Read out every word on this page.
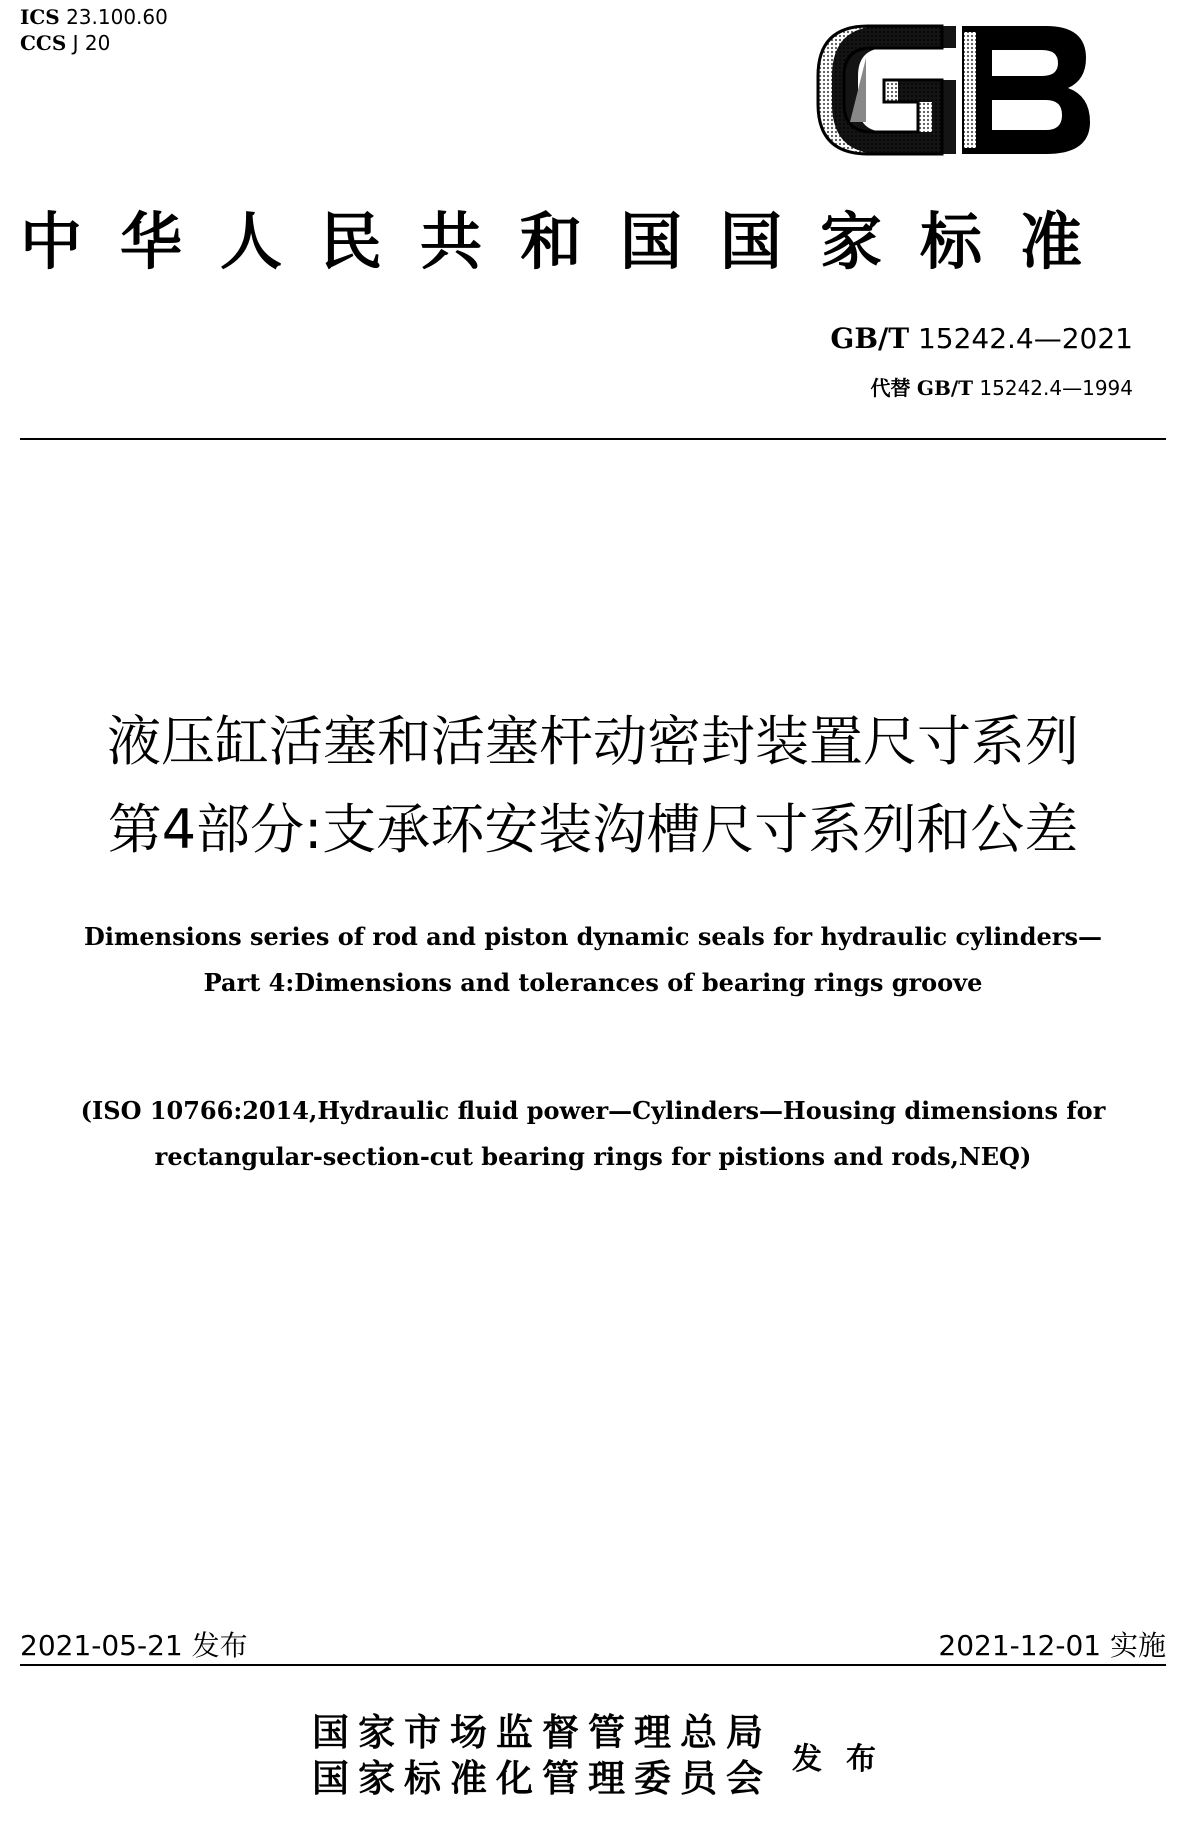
ICS 23.100.60
CCS J 20
GB
中华人民共和国国家标准
GB/T 15242.4—2021
代替 GB/T 15242.4—1994
液压缸活塞和活塞杆动密封装置尺寸系列
第4部分:支承环安装沟槽尺寸系列和公差
Dimensions series of rod and piston dynamic seals for hydraulic cylinders—
Part 4:Dimensions and tolerances of bearing rings groove
(ISO 10766:2014,Hydraulic fluid power—Cylinders—Housing dimensions for
rectangular-section-cut bearing rings for pistions and rods,NEQ)
2021-05-21 发布	2021-12-01 实施
国家市场监督管理总局
国家标准化管理委员会 发布
